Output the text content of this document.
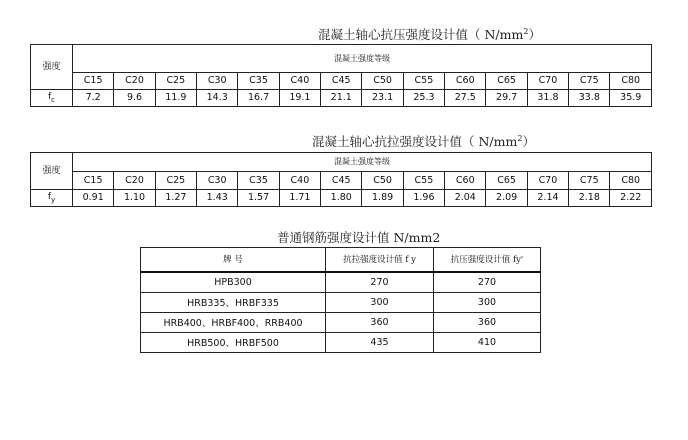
混凝土轴心抗压强度设计值（ $N/mm^2$）
强度	混凝土强度等级													
	C15	C20	C25	C30	C35	C40	C45	C50	C55	C60	C65	C70	C75	C80
$f_c$	7.2	9.6	11.9	14.3	16.7	19.1	21.1	23.1	25.3	27.5	29.7	31.8	33.8	35.9
混凝土轴心抗拉强度设计值（ $N/mm^2$）
强度	混凝土强度等级													
	C15	C20	C25	C30	C35	C40	C45	C50	C55	C60	C65	C70	C75	C80
$f_y$	0.91	1.10	1.27	1.43	1.57	1.71	1.80	1.89	1.96	2.04	2.09	2.14	2.18	2.22
普通钢筋强度设计值 N/mm2
牌 号	抗拉强度设计值 f y	抗压强度设计值 fy'
HPB300	270	270
HRB335、HRBF335	300	300
HRB400、HRBF400、RRB400	360	360
HRB500、HRBF500	435	410
